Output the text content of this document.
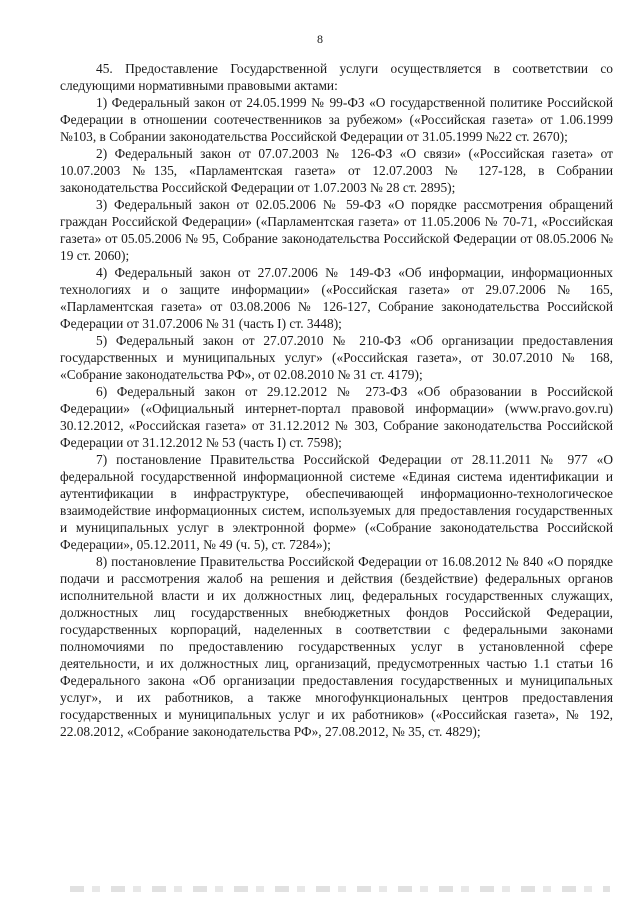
8

45. Предоставление Государственной услуги осуществляется в соответствии со следующими нормативными правовыми актами:

1) Федеральный закон от 24.05.1999 № 99-ФЗ «О государственной политике Российской Федерации в отношении соотечественников за рубежом» («Российская газета» от 1.06.1999 №103, в Собрании законодательства Российской Федерации от 31.05.1999 №22 ст. 2670);

2) Федеральный закон от 07.07.2003 № 126-ФЗ «О связи» («Российская газета» от 10.07.2003 №135, «Парламентская газета» от 12.07.2003 № 127-128, в Собрании законодательства Российской Федерации от 1.07.2003 № 28 ст. 2895);

3) Федеральный закон от 02.05.2006 № 59-ФЗ «О порядке рассмотрения обращений граждан Российской Федерации» («Парламентская газета» от 11.05.2006 № 70-71, «Российская газета» от 05.05.2006 № 95, Собрание законодательства Российской Федерации от 08.05.2006 № 19 ст. 2060);

4) Федеральный закон от 27.07.2006 № 149-ФЗ «Об информации, информационных технологиях и о защите информации» («Российская газета» от 29.07.2006 № 165, «Парламентская газета» от 03.08.2006 № 126-127, Собрание законодательства Российской Федерации от 31.07.2006 № 31 (часть I) ст. 3448);

5) Федеральный закон от 27.07.2010 № 210-ФЗ «Об организации предоставления государственных и муниципальных услуг» («Российская газета», от 30.07.2010 № 168, «Собрание законодательства РФ», от 02.08.2010 № 31 ст. 4179);

6) Федеральный закон от 29.12.2012 № 273-ФЗ «Об образовании в Российской Федерации» («Официальный интернет-портал правовой информации» (www.pravo.gov.ru) 30.12.2012, «Российская газета» от 31.12.2012 № 303, Собрание законодательства Российской Федерации от 31.12.2012 № 53 (часть I) ст. 7598);

7) постановление Правительства Российской Федерации от 28.11.2011 № 977 «О федеральной государственной информационной системе «Единая система идентификации и аутентификации в инфраструктуре, обеспечивающей информационно-технологическое взаимодействие информационных систем, используемых для предоставления государственных и муниципальных услуг в электронной форме» («Собрание законодательства Российской Федерации», 05.12.2011, № 49 (ч. 5), ст. 7284»);

8) постановление Правительства Российской Федерации от 16.08.2012 № 840 «О порядке подачи и рассмотрения жалоб на решения и действия (бездействие) федеральных органов исполнительной власти и их должностных лиц, федеральных государственных служащих, должностных лиц государственных внебюджетных фондов Российской Федерации, государственных корпораций, наделенных в соответствии с федеральными законами полномочиями по предоставлению государственных услуг в установленной сфере деятельности, и их должностных лиц, организаций, предусмотренных частью 1.1 статьи 16 Федерального закона «Об организации предоставления государственных и муниципальных услуг», и их работников, а также многофункциональных центров предоставления государственных и муниципальных услуг и их работников» («Российская газета», № 192, 22.08.2012, «Собрание законодательства РФ», 27.08.2012, № 35, ст. 4829);
